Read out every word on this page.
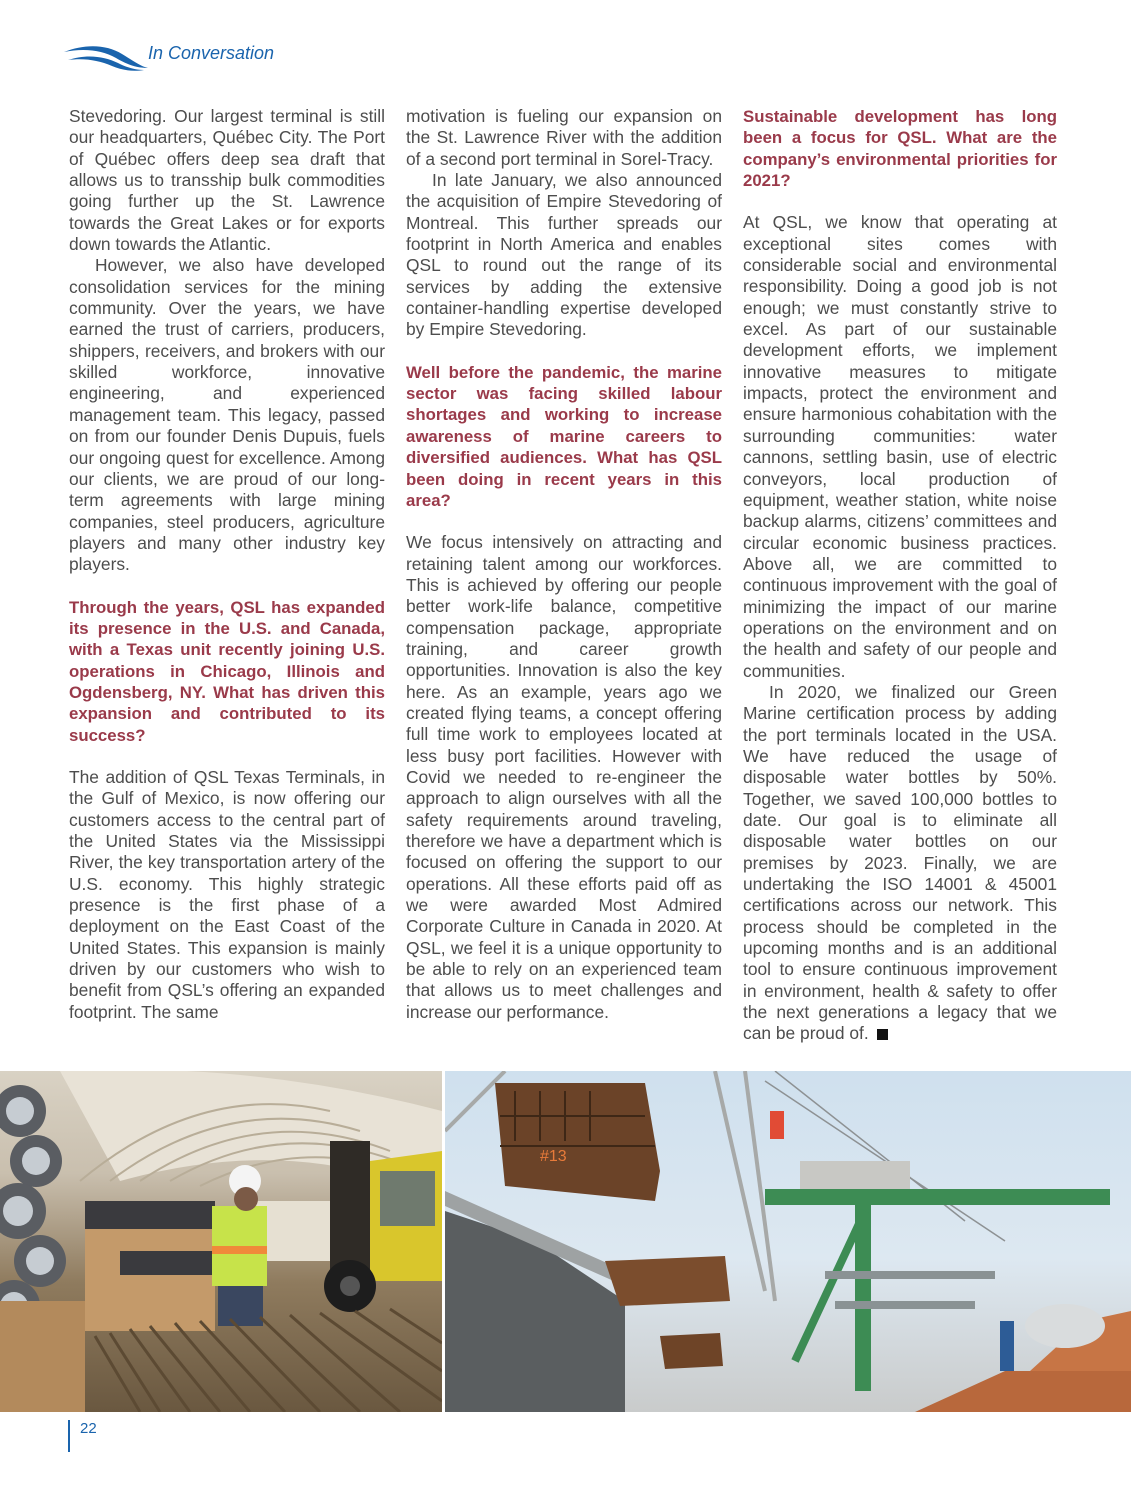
In Conversation

Stevedoring. Our largest terminal is still our headquarters, Québec City. The Port of Québec offers deep sea draft that allows us to transship bulk commodities going further up the St. Lawrence towards the Great Lakes or for exports down towards the Atlantic.

However, we also have developed consolidation services for the mining community. Over the years, we have earned the trust of carriers, producers, shippers, receivers, and brokers with our skilled workforce, innovative engineering, and experienced management team. This legacy, passed on from our founder Denis Dupuis, fuels our ongoing quest for excellence. Among our clients, we are proud of our long-term agreements with large mining companies, steel producers, agriculture players and many other industry key players.

Through the years, QSL has expanded its presence in the U.S. and Canada, with a Texas unit recently joining U.S. operations in Chicago, Illinois and Ogdensberg, NY. What has driven this expansion and contributed to its success?

The addition of QSL Texas Terminals, in the Gulf of Mexico, is now offering our customers access to the central part of the United States via the Mississippi River, the key transportation artery of the U.S. economy. This highly strategic presence is the first phase of a deployment on the East Coast of the United States. This expansion is mainly driven by our customers who wish to benefit from QSL’s offering an expanded footprint. The same

motivation is fueling our expansion on the St. Lawrence River with the addition of a second port terminal in Sorel-Tracy.

In late January, we also announced the acquisition of Empire Stevedoring of Montreal. This further spreads our footprint in North America and enables QSL to round out the range of its services by adding the extensive container-handling expertise developed by Empire Stevedoring.

Well before the pandemic, the marine sector was facing skilled labour shortages and working to increase awareness of marine careers to diversified audiences. What has QSL been doing in recent years in this area?

We focus intensively on attracting and retaining talent among our workforces. This is achieved by offering our people better work-life balance, competitive compensation package, appropriate training, and career growth opportunities. Innovation is also the key here. As an example, years ago we created flying teams, a concept offering full time work to employees located at less busy port facilities. However with Covid we needed to re-engineer the approach to align ourselves with all the safety requirements around traveling, therefore we have a department which is focused on offering the support to our operations. All these efforts paid off as we were awarded Most Admired Corporate Culture in Canada in 2020. At QSL, we feel it is a unique opportunity to be able to rely on an experienced team that allows us to meet challenges and increase our performance.

Sustainable development has long been a focus for QSL. What are the company’s environmental priorities for 2021?

At QSL, we know that operating at exceptional sites comes with considerable social and environmental responsibility. Doing a good job is not enough; we must constantly strive to excel. As part of our sustainable development efforts, we implement innovative measures to mitigate impacts, protect the environment and ensure harmonious cohabitation with the surrounding communities: water cannons, settling basin, use of electric conveyors, local production of equipment, weather station, white noise backup alarms, citizens’ committees and circular economic business practices. Above all, we are committed to continuous improvement with the goal of minimizing the impact of our marine operations on the environment and on the health and safety of our people and communities.

In 2020, we finalized our Green Marine certification process by adding the port terminals located in the USA. We have reduced the usage of disposable water bottles by 50%. Together, we saved 100,000 bottles to date. Our goal is to eliminate all disposable water bottles on our premises by 2023. Finally, we are undertaking the ISO 14001 & 45001 certifications across our network. This process should be completed in the upcoming months and is an additional tool to ensure continuous improvement in environment, health & safety to offer the next generations a legacy that we can be proud of.

#13
22
